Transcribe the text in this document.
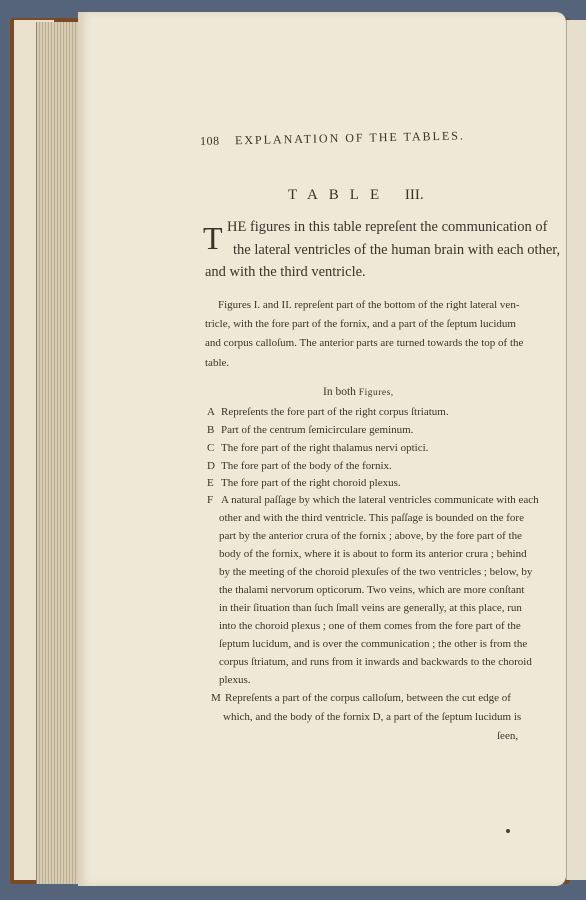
108 EXPLANATION OF THE TABLES.
TABLE III.
T HE figures in this table repreſent the communication of
the lateral ventricles of the human brain with each other,
and with the third ventricle.
Figures I. and II. repreſent part of the bottom of the right lateral ven-
tricle, with the fore part of the fornix, and a part of the ſeptum lucidum
and corpus calloſum. The anterior parts are turned towards the top of the
table.
In both Figures,
A Repreſents the fore part of the right corpus ſtriatum.
B Part of the centrum ſemicirculare geminum.
C The fore part of the right thalamus nervi optici.
D The fore part of the body of the fornix.
E The fore part of the right choroid plexus.
F A natural paſſage by which the lateral ventricles communicate with each
other and with the third ventricle. This paſſage is bounded on the fore
part by the anterior crura of the fornix ; above, by the fore part of the
body of the fornix, where it is about to form its anterior crura ; behind
by the meeting of the choroid plexuſes of the two ventricles ; below, by
the thalami nervorum opticorum. Two veins, which are more conſtant
in their ſituation than ſuch ſmall veins are generally, at this place, run
into the choroid plexus ; one of them comes from the fore part of the
ſeptum lucidum, and is over the communication ; the other is from the
corpus ſtriatum, and runs from it inwards and backwards to the choroid
plexus.
M Repreſents a part of the corpus calloſum, between the cut edge of
which, and the body of the fornix D, a part of the ſeptum lucidum is
ſeen,
